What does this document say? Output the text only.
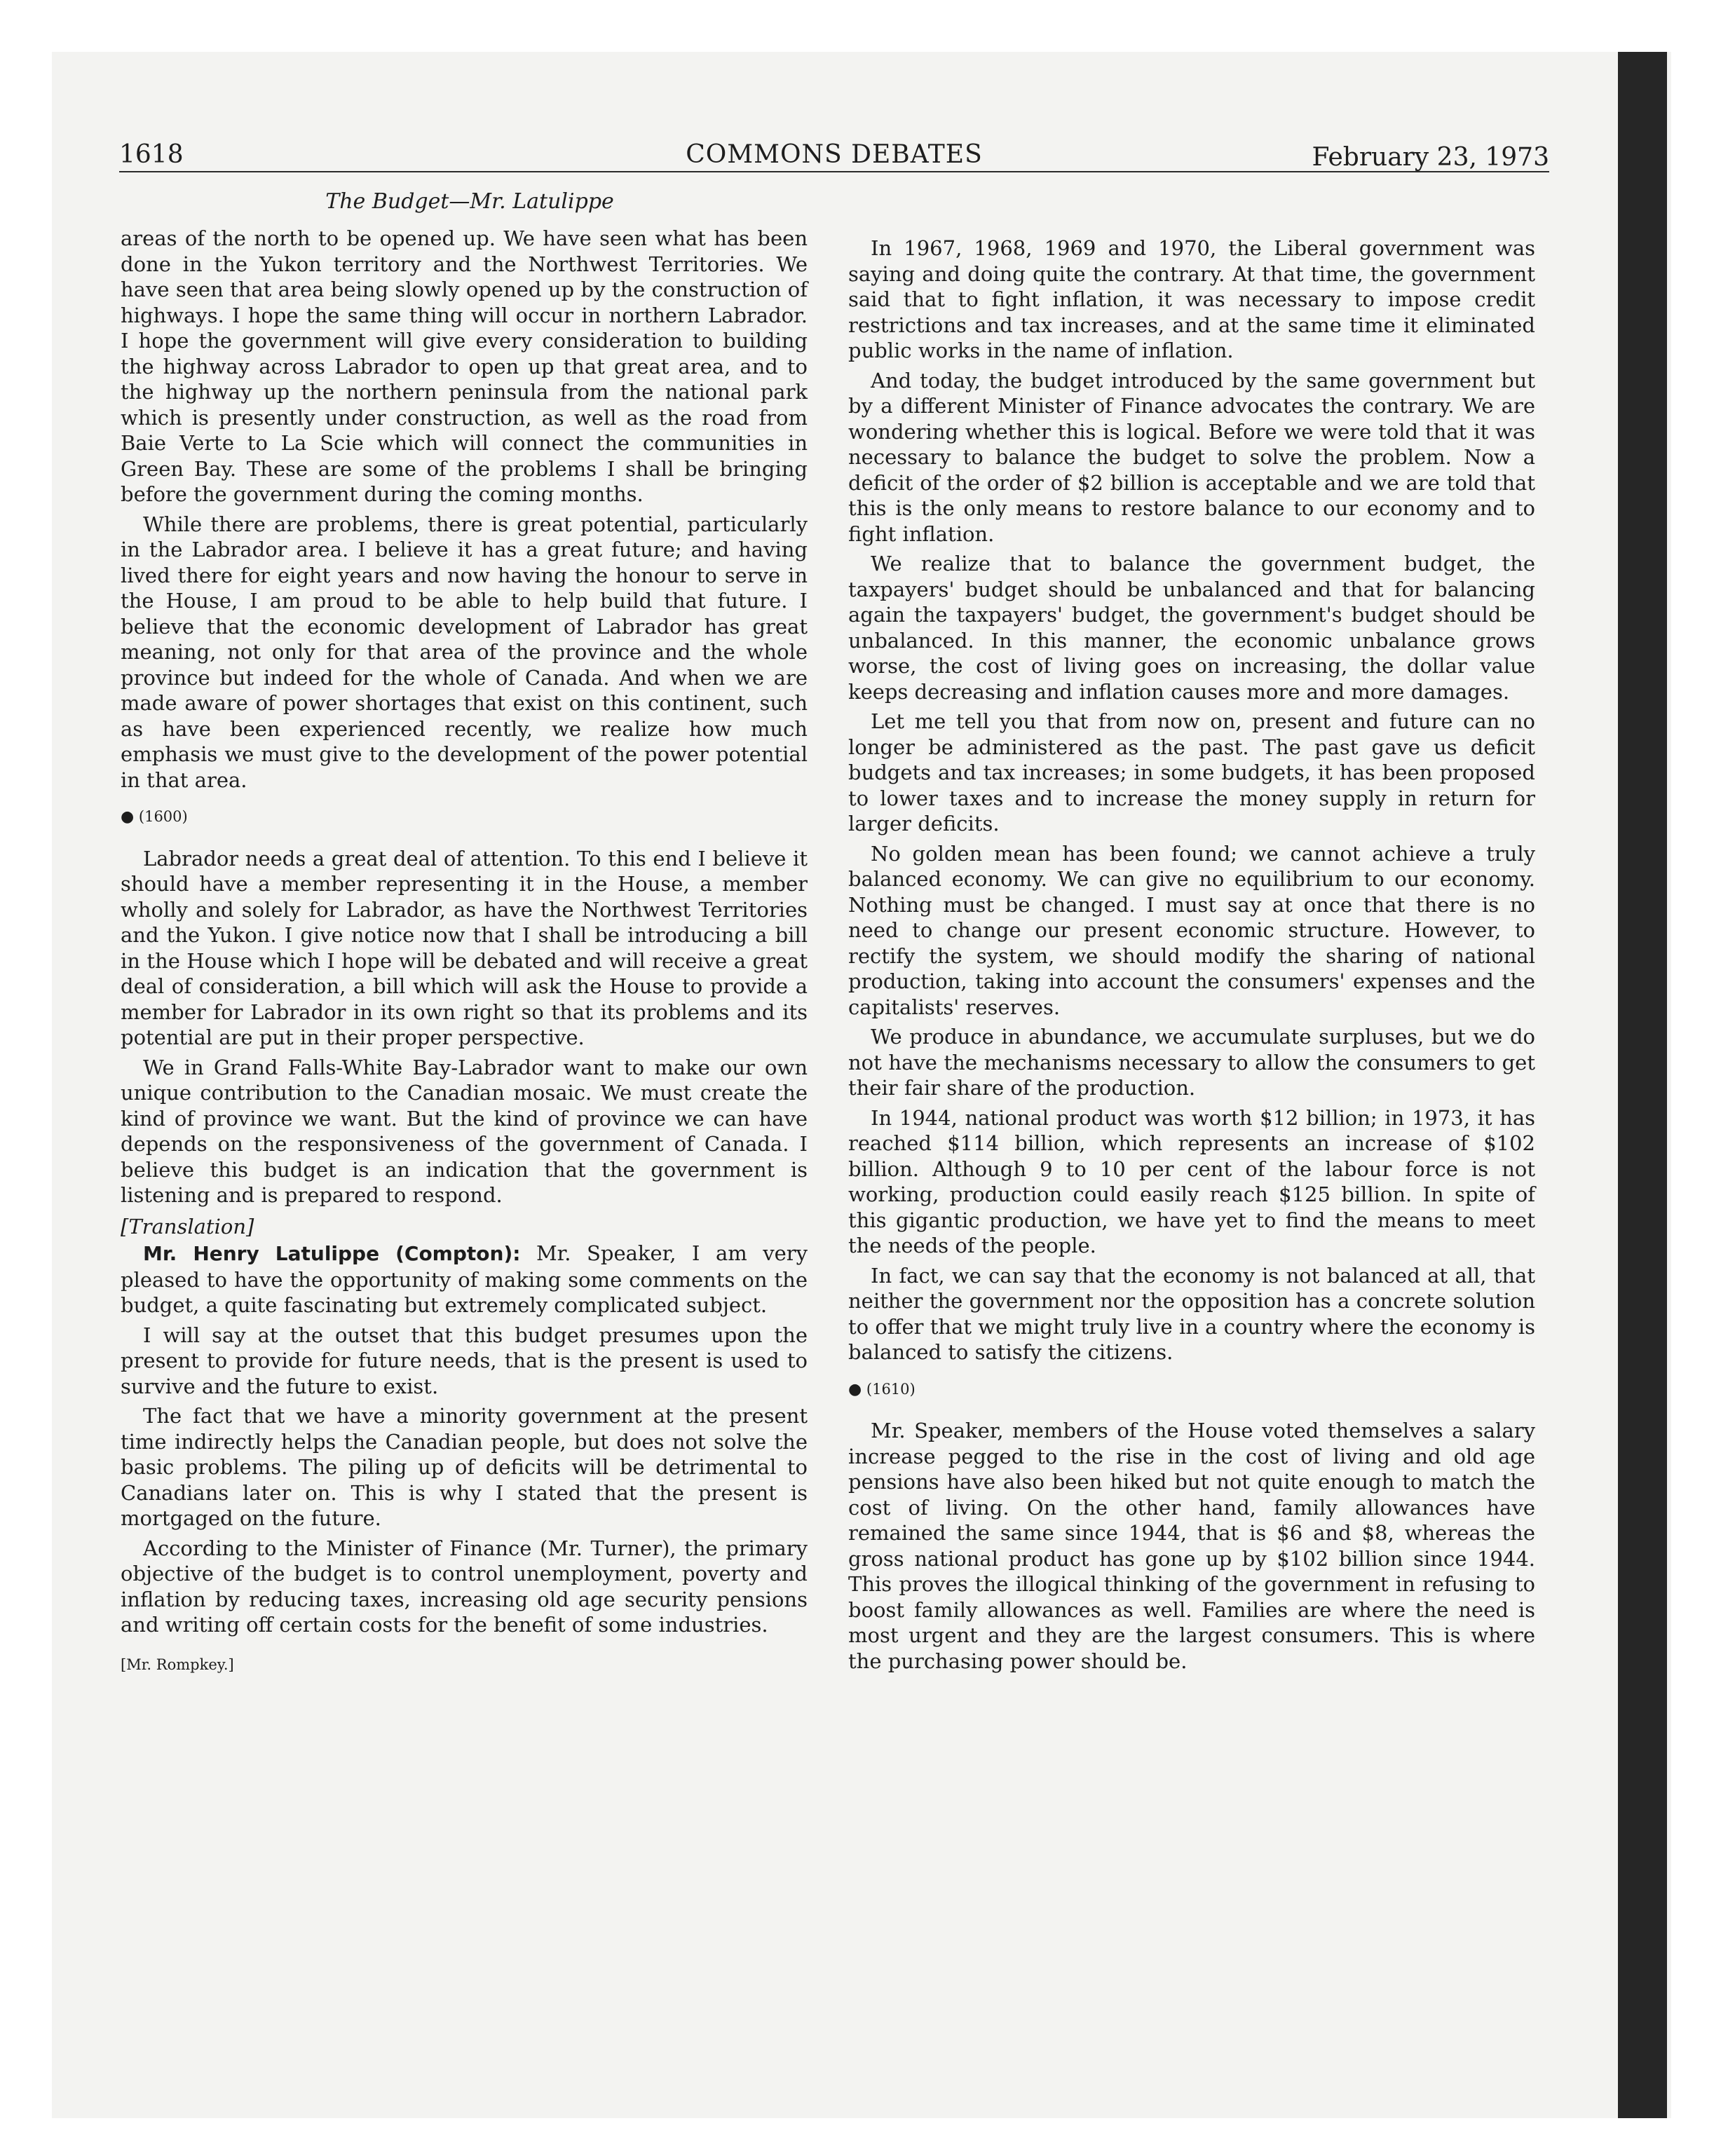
1618	COMMONS DEBATES	February 23, 1973
The Budget—Mr. Latulippe

areas of the north to be opened up. We have seen what has been done in the Yukon territory and the Northwest Territories. We have seen that area being slowly opened up by the construction of highways. I hope the same thing will occur in northern Labrador. I hope the government will give every consideration to building the highway across Labrador to open up that great area, and to the highway up the northern peninsula from the national park which is presently under construction, as well as the road from Baie Verte to La Scie which will connect the communities in Green Bay. These are some of the problems I shall be bringing before the government during the coming months.

While there are problems, there is great potential, particularly in the Labrador area. I believe it has a great future; and having lived there for eight years and now having the honour to serve in the House, I am proud to be able to help build that future. I believe that the economic development of Labrador has great meaning, not only for that area of the province and the whole province but indeed for the whole of Canada. And when we are made aware of power shortages that exist on this continent, such as have been experienced recently, we realize how much emphasis we must give to the development of the power potential in that area.

● (1600)

Labrador needs a great deal of attention. To this end I believe it should have a member representing it in the House, a member wholly and solely for Labrador, as have the Northwest Territories and the Yukon. I give notice now that I shall be introducing a bill in the House which I hope will be debated and will receive a great deal of consideration, a bill which will ask the House to provide a member for Labrador in its own right so that its problems and its potential are put in their proper perspective.

We in Grand Falls-White Bay-Labrador want to make our own unique contribution to the Canadian mosaic. We must create the kind of province we want. But the kind of province we can have depends on the responsiveness of the government of Canada. I believe this budget is an indication that the government is listening and is prepared to respond.

[Translation]

Mr. Henry Latulippe (Compton): Mr. Speaker, I am very pleased to have the opportunity of making some comments on the budget, a quite fascinating but extremely complicated subject.

I will say at the outset that this budget presumes upon the present to provide for future needs, that is the present is used to survive and the future to exist.

The fact that we have a minority government at the present time indirectly helps the Canadian people, but does not solve the basic problems. The piling up of deficits will be detrimental to Canadians later on. This is why I stated that the present is mortgaged on the future.

According to the Minister of Finance (Mr. Turner), the primary objective of the budget is to control unemployment, poverty and inflation by reducing taxes, increasing old age security pensions and writing off certain costs for the benefit of some industries.

[Mr. Rompkey.]

In 1967, 1968, 1969 and 1970, the Liberal government was saying and doing quite the contrary. At that time, the government said that to fight inflation, it was necessary to impose credit restrictions and tax increases, and at the same time it eliminated public works in the name of inflation.

And today, the budget introduced by the same government but by a different Minister of Finance advocates the contrary. We are wondering whether this is logical. Before we were told that it was necessary to balance the budget to solve the problem. Now a deficit of the order of $2 billion is acceptable and we are told that this is the only means to restore balance to our economy and to fight inflation.

We realize that to balance the government budget, the taxpayers' budget should be unbalanced and that for balancing again the taxpayers' budget, the government's budget should be unbalanced. In this manner, the economic unbalance grows worse, the cost of living goes on increasing, the dollar value keeps decreasing and inflation causes more and more damages.

Let me tell you that from now on, present and future can no longer be administered as the past. The past gave us deficit budgets and tax increases; in some budgets, it has been proposed to lower taxes and to increase the money supply in return for larger deficits.

No golden mean has been found; we cannot achieve a truly balanced economy. We can give no equilibrium to our economy. Nothing must be changed. I must say at once that there is no need to change our present economic structure. However, to rectify the system, we should modify the sharing of national production, taking into account the consumers' expenses and the capitalists' reserves.

We produce in abundance, we accumulate surpluses, but we do not have the mechanisms necessary to allow the consumers to get their fair share of the production.

In 1944, national product was worth $12 billion; in 1973, it has reached $114 billion, which represents an increase of $102 billion. Although 9 to 10 per cent of the labour force is not working, production could easily reach $125 billion. In spite of this gigantic production, we have yet to find the means to meet the needs of the people.

In fact, we can say that the economy is not balanced at all, that neither the government nor the opposition has a concrete solution to offer that we might truly live in a country where the economy is balanced to satisfy the citizens.

● (1610)

Mr. Speaker, members of the House voted themselves a salary increase pegged to the rise in the cost of living and old age pensions have also been hiked but not quite enough to match the cost of living. On the other hand, family allowances have remained the same since 1944, that is $6 and $8, whereas the gross national product has gone up by $102 billion since 1944. This proves the illogical thinking of the government in refusing to boost family allowances as well. Families are where the need is most urgent and they are the largest consumers. This is where the purchasing power should be.
